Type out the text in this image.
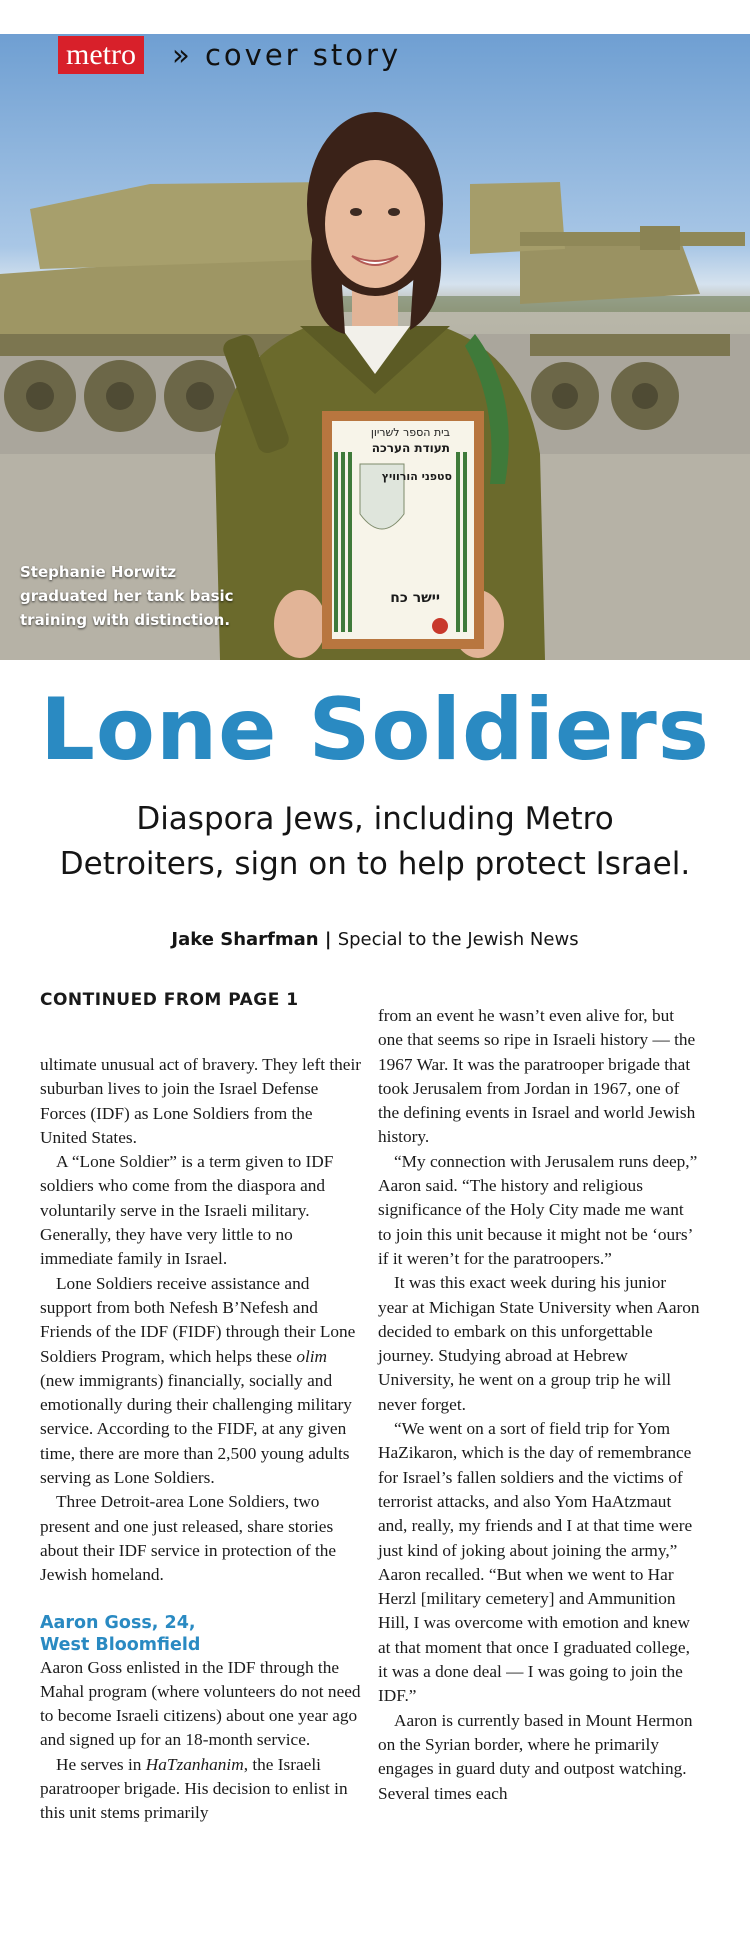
בית הספר לשריון
תעודת הערכה
סטפני הורוויץ
יישר כח
metro » cover story
Stephanie Horwitz
graduated her tank basic
training with distinction.
Lone Soldiers
Diaspora Jews, including Metro
Detroiters, sign on to help protect Israel.
Jake Sharfman | Special to the Jewish News
CONTINUED FROM PAGE 1

ultimate unusual act of bravery. They left their suburban lives to join the Israel Defense Forces (IDF) as Lone Soldiers from the United States.

A “Lone Soldier” is a term given to IDF soldiers who come from the diaspora and voluntarily serve in the Israeli military. Generally, they have very little to no immediate family in Israel.

Lone Soldiers receive assistance and support from both Nefesh B’Nefesh and Friends of the IDF (FIDF) through their Lone Soldiers Program, which helps these olim (new immigrants) financially, socially and emotionally during their challenging military service. According to the FIDF, at any given time, there are more than 2,500 young adults serving as Lone Soldiers.

Three Detroit-area Lone Soldiers, two present and one just released, share stories about their IDF service in protection of the Jewish homeland.

Aaron Goss, 24,
West Bloomfield

Aaron Goss enlisted in the IDF through the Mahal program (where volunteers do not need to become Israeli citizens) about one year ago and signed up for an 18-month service.

He serves in HaTzanhanim, the Israeli paratrooper brigade. His decision to enlist in this unit stems primarily

from an event he wasn’t even alive for, but one that seems so ripe in Israeli history — the 1967 War. It was the paratrooper brigade that took Jerusalem from Jordan in 1967, one of the defining events in Israel and world Jewish history.

“My connection with Jerusalem runs deep,” Aaron said. “The history and religious significance of the Holy City made me want to join this unit because it might not be ‘ours’ if it weren’t for the paratroopers.”

It was this exact week during his junior year at Michigan State University when Aaron decided to embark on this unforgettable journey. Studying abroad at Hebrew University, he went on a group trip he will never forget.

“We went on a sort of field trip for Yom HaZikaron, which is the day of remembrance for Israel’s fallen soldiers and the victims of terrorist attacks, and also Yom HaAtzmaut and, really, my friends and I at that time were just kind of joking about joining the army,” Aaron recalled. “But when we went to Har Herzl [military cemetery] and Ammunition Hill, I was overcome with emotion and knew at that moment that once I graduated college, it was a done deal — I was going to join the IDF.”

Aaron is currently based in Mount Hermon on the Syrian border, where he primarily engages in guard duty and outpost watching. Several times each
